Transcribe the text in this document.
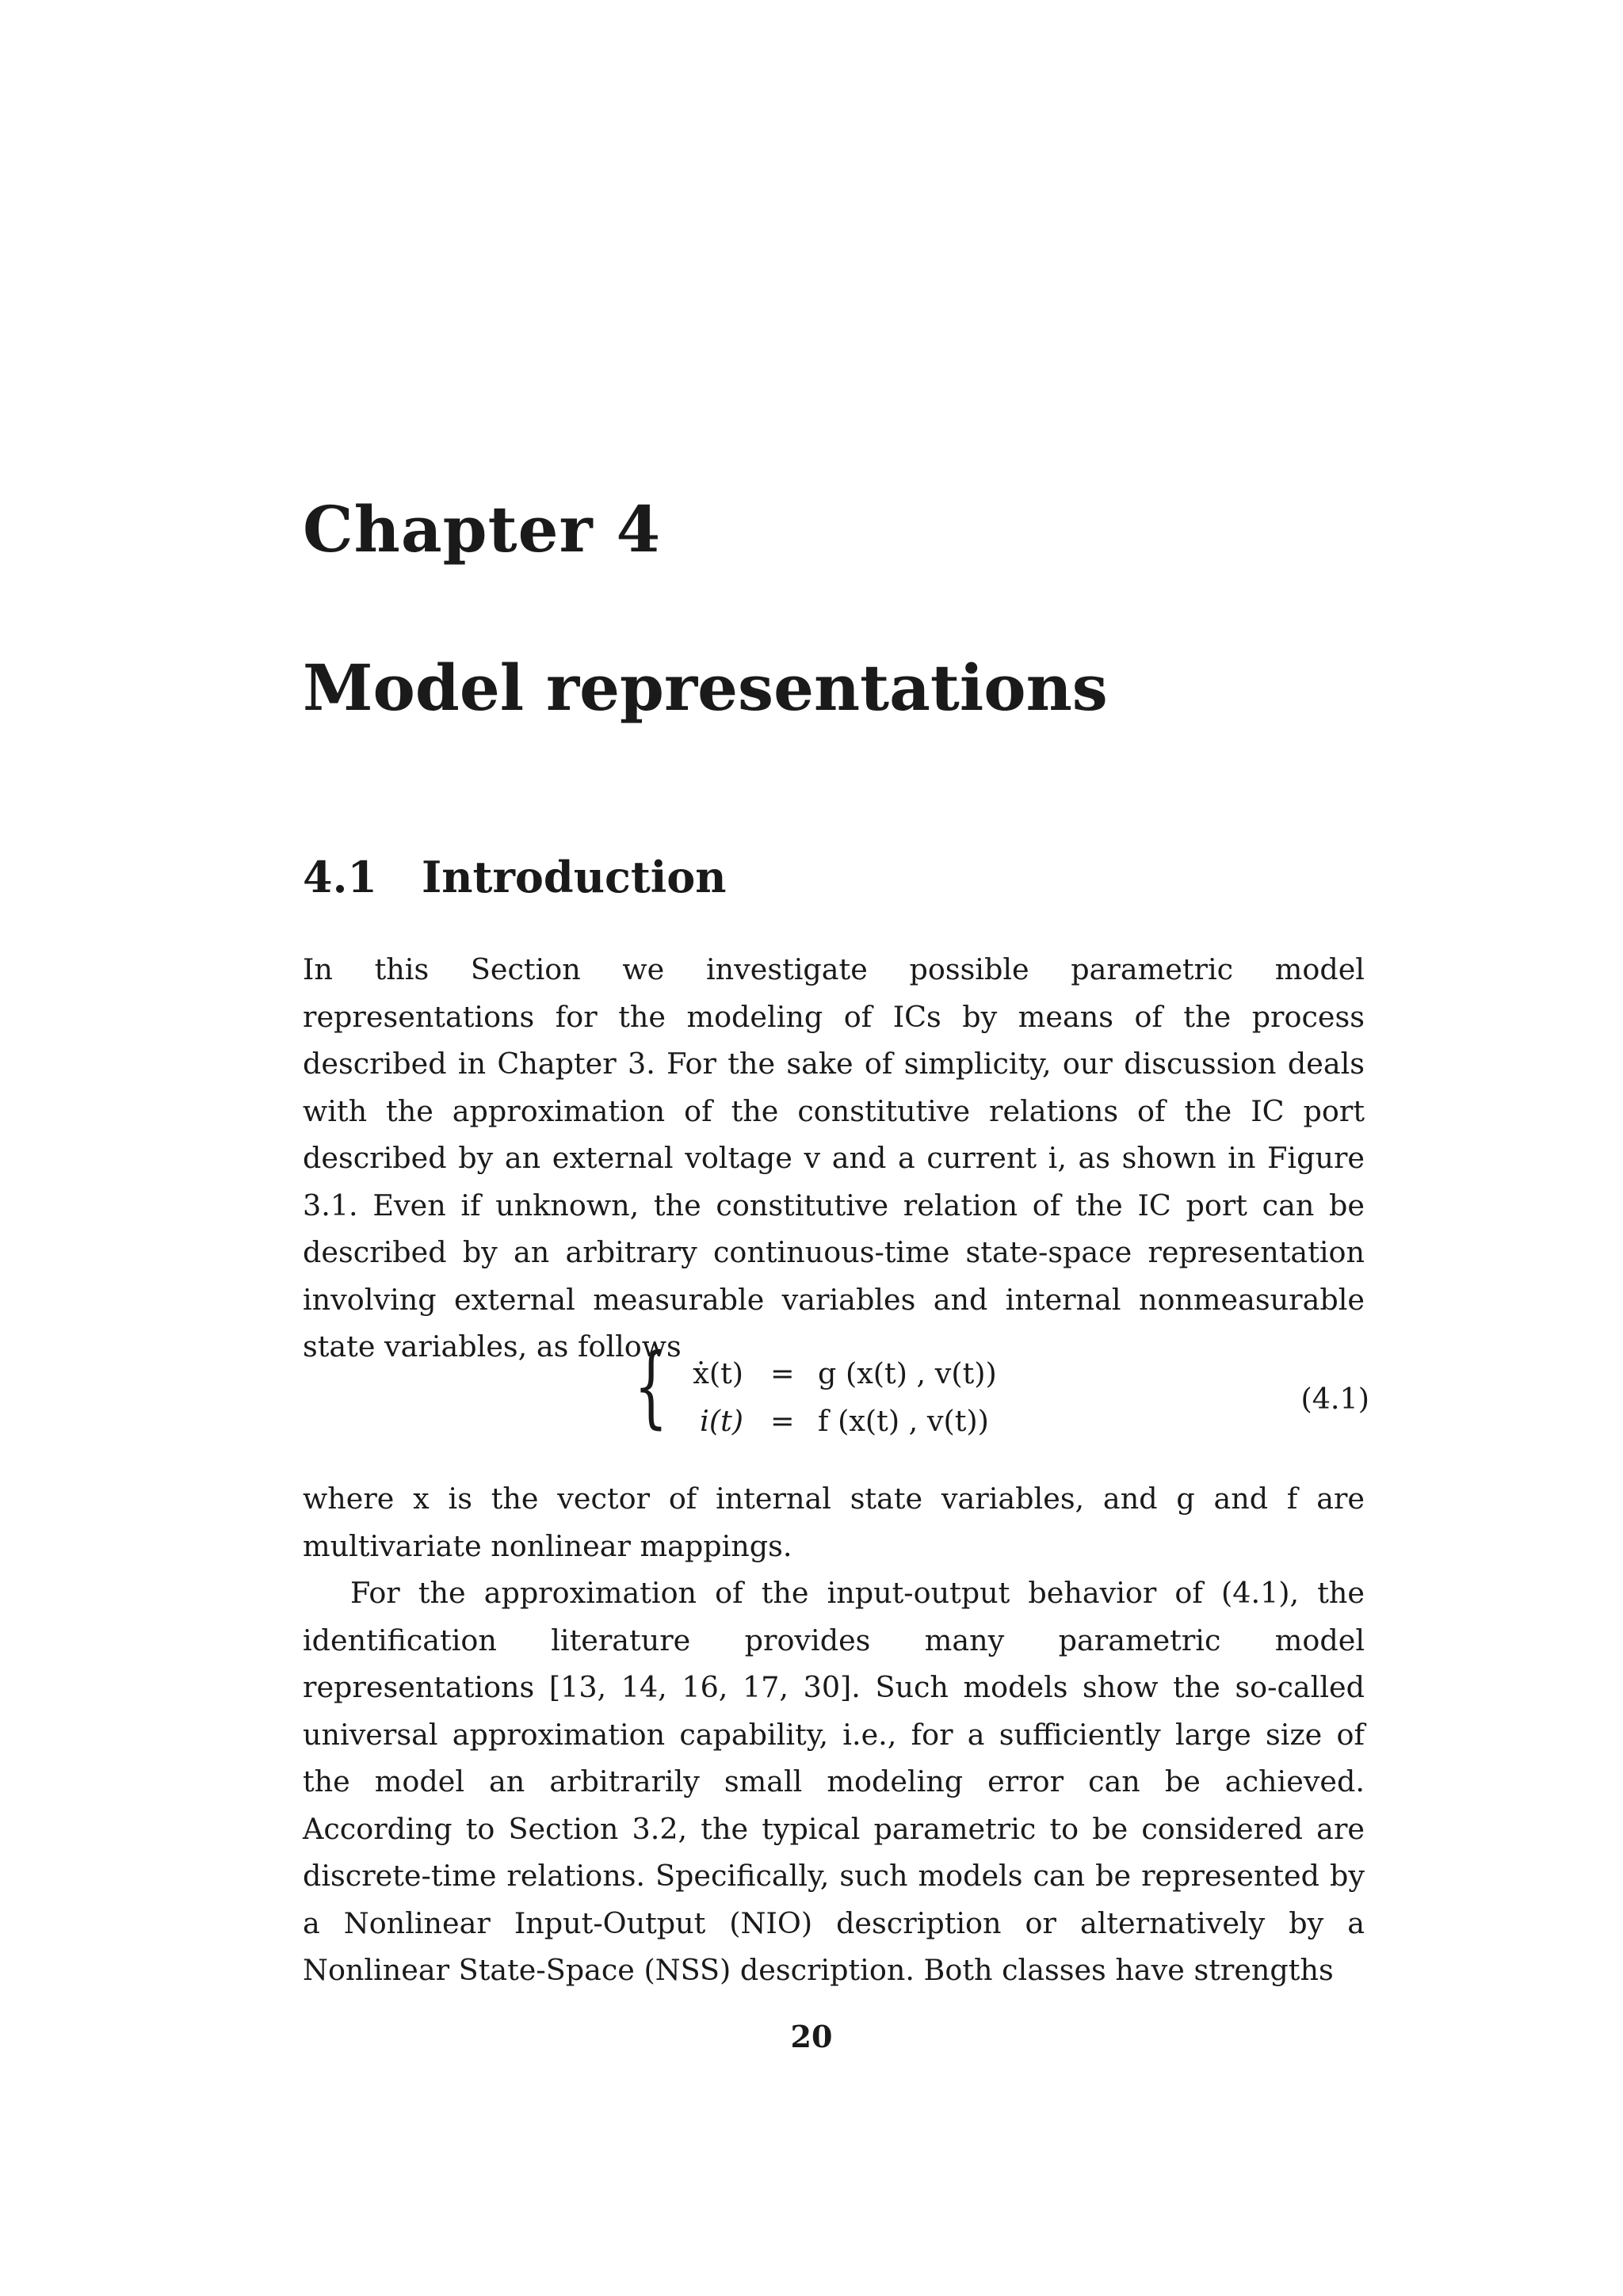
Chapter 4
Model representations
4.1 Introduction

In this Section we investigate possible parametric model representations for the modeling of ICs by means of the process described in Chapter 3. For the sake of simplicity, our discussion deals with the approximation of the constitutive relations of the IC port described by an external voltage v and a current i, as shown in Figure 3.1. Even if unknown, the constitutive relation of the IC port can be described by an arbitrary continuous-time state-space representation involving external measurable variables and internal nonmeasurable state variables, as follows

{ ẋ(t) = g (x(t) , v(t))
i(t) = f (x(t) , v(t))
(4.1)

where x is the vector of internal state variables, and g and f are multivariate nonlinear mappings.

For the approximation of the input-output behavior of (4.1), the identification literature provides many parametric model representations [13, 14, 16, 17, 30]. Such models show the so-called universal approximation capability, i.e., for a sufficiently large size of the model an arbitrarily small modeling error can be achieved. According to Section 3.2, the typical parametric to be considered are discrete-time relations. Specifically, such models can be represented by a Nonlinear Input-Output (NIO) description or alternatively by a Nonlinear State-Space (NSS) description. Both classes have strengths

20
